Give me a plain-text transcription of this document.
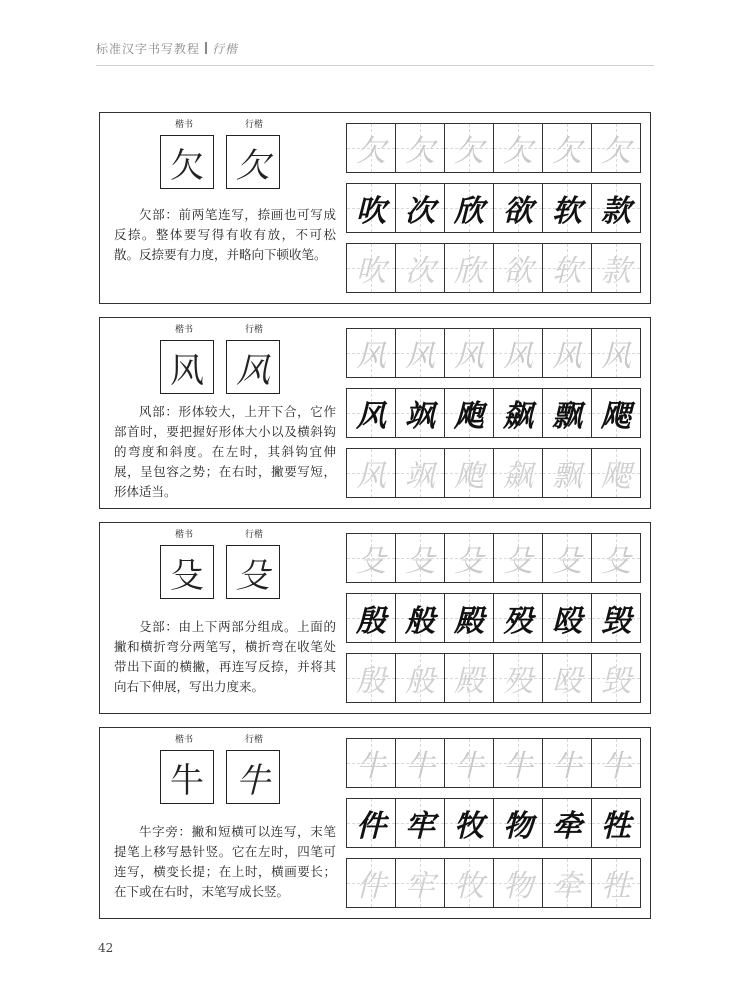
标准汉字书写教程 行楷
楷书	行楷
欠 欠
欠部：前两笔连写，捺画也可写成反捺。整体要写得有收有放，不可松散。反捺要有力度，并略向下顿收笔。
欠 欠 欠 欠 欠 欠
吹 次 欣 欲 软 款
吹 次 欣 欲 软 款
楷书	行楷
风 风
风部：形体较大，上开下合，它作部首时，要把握好形体大小以及横斜钩的弯度和斜度。在左时，其斜钩宜伸展，呈包容之势；在右时，撇要写短，形体适当。
风 风 风 风 风 风
风 飒 飑 飙 飘 飔
风 飒 飑 飙 飘 飔
楷书	行楷
殳 殳
殳部：由上下两部分组成。上面的撇和横折弯分两笔写，横折弯在收笔处带出下面的横撇，再连写反捺，并将其向右下伸展，写出力度来。
殳 殳 殳 殳 殳 殳
殷 般 殿 殁 殴 毁
殷 般 殿 殁 殴 毁
楷书	行楷
牛 牛
牛字旁：撇和短横可以连写，末笔提笔上移写悬针竖。它在左时，四笔可连写，横变长提；在上时，横画要长；在下或在右时，末笔写成长竖。
牛 牛 牛 牛 牛 牛
件 牢 牧 物 牵 牲
件 牢 牧 物 牵 牲
42
